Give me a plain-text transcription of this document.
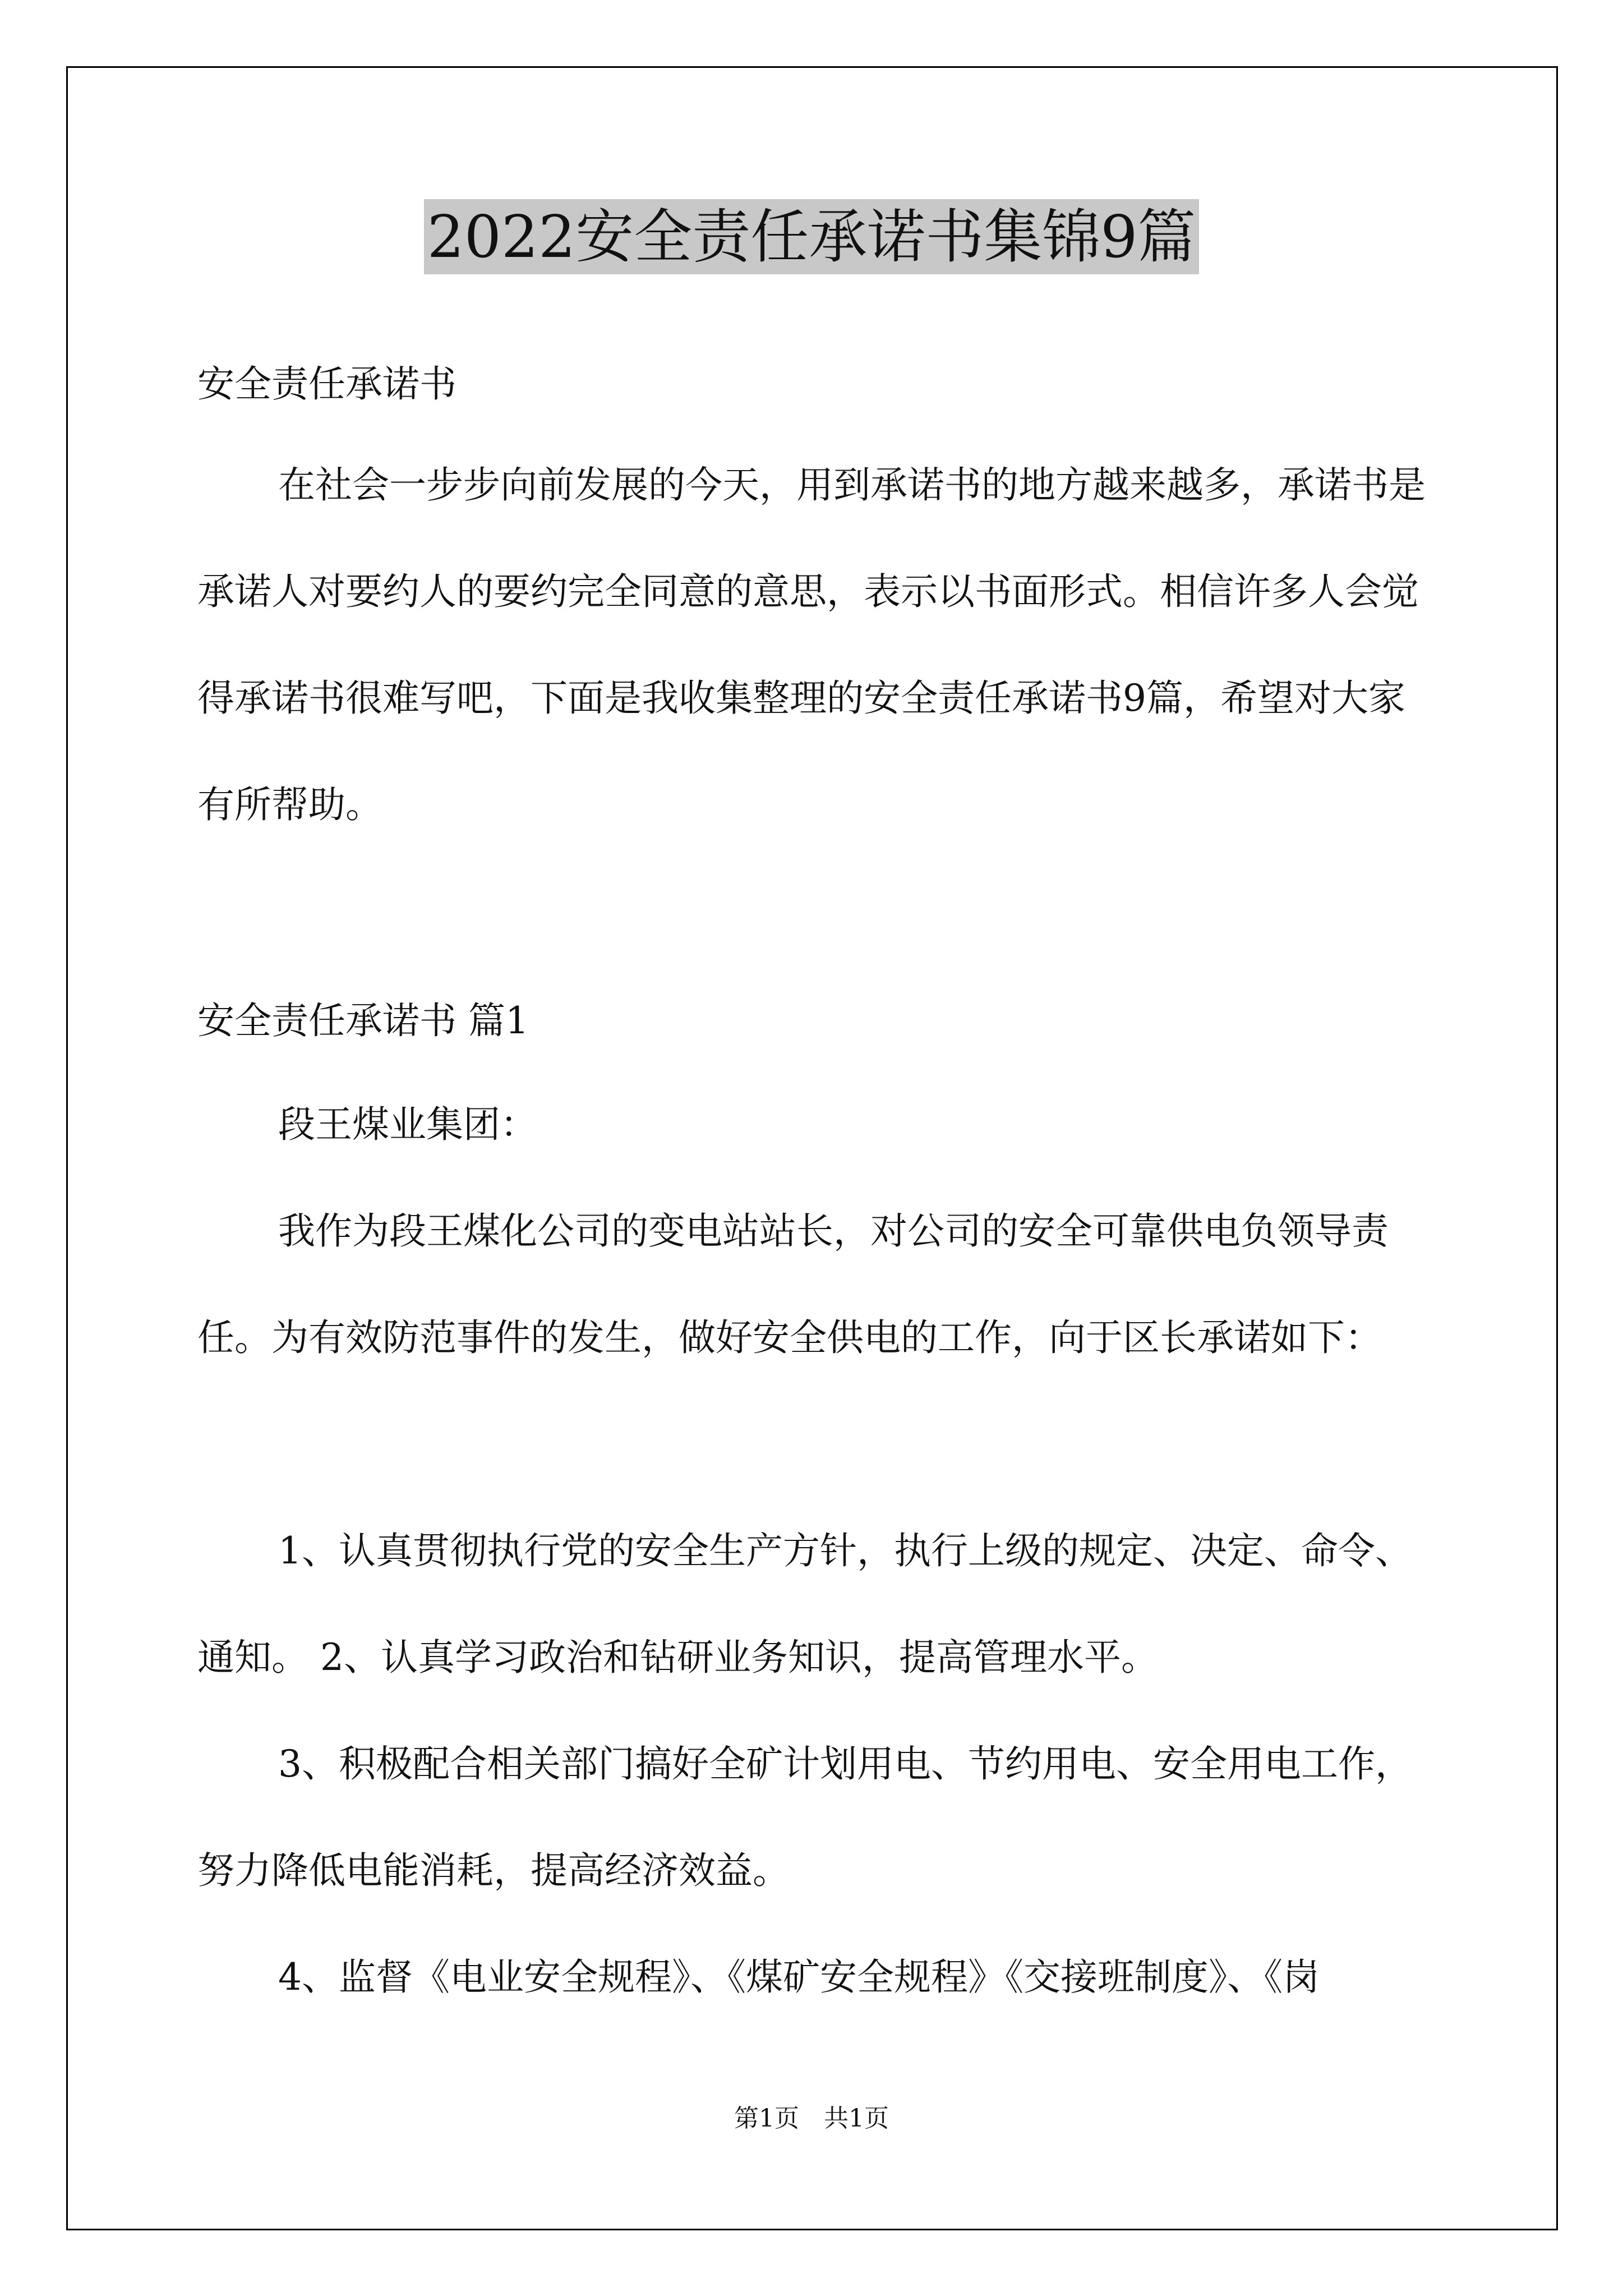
2022安全责任承诺书集锦9篇

安全责任承诺书

在社会一步步向前发展的今天，用到承诺书的地方越来越多，承诺书是承诺人对要约人的要约完全同意的意思，表示以书面形式。相信许多人会觉得承诺书很难写吧，下面是我收集整理的安全责任承诺书9篇，希望对大家有所帮助。

安全责任承诺书 篇1

段王煤业集团：

我作为段王煤化公司的变电站站长，对公司的安全可靠供电负领导责任。为有效防范事件的发生，做好安全供电的工作，向于区长承诺如下：

1、认真贯彻执行党的安全生产方针，执行上级的规定、决定、命令、通知。 2、认真学习政治和钻研业务知识，提高管理水平。

3、积极配合相关部门搞好全矿计划用电、节约用电、安全用电工作，努力降低电能消耗，提高经济效益。

4、监督《电业安全规程》、《煤矿安全规程》《交接班制度》、《岗

第1页　共1页
